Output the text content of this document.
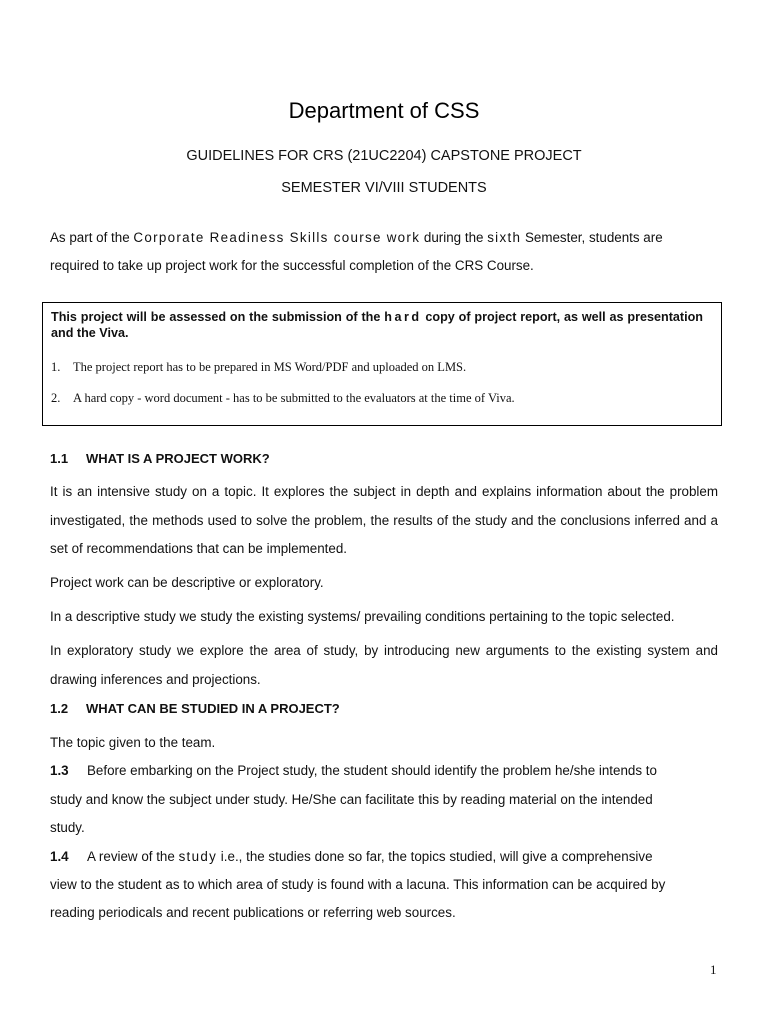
Department of CSS
GUIDELINES FOR CRS (21UC2204) CAPSTONE PROJECT
SEMESTER VI/VIII STUDENTS
As part of the Corporate Readiness Skills course work during the sixth Semester, students are
required to take up project work for the successful completion of the CRS Course.
This project will be assessed on the submission of the hard copy of project report, as well as presentation and the Viva.
1. The project report has to be prepared in MS Word/PDF and uploaded on LMS.
2. A hard copy - word document - has to be submitted to the evaluators at the time of Viva.
1.1 WHAT IS A PROJECT WORK?
It is an intensive study on a topic. It explores the subject in depth and explains information about the problem investigated, the methods used to solve the problem, the results of the study and the conclusions inferred and a set of recommendations that can be implemented.
Project work can be descriptive or exploratory.
In a descriptive study we study the existing systems/ prevailing conditions pertaining to the topic selected.
In exploratory study we explore the area of study, by introducing new arguments to the existing system and drawing inferences and projections.
1.2 WHAT CAN BE STUDIED IN A PROJECT?
The topic given to the team.
1.3 Before embarking on the Project study, the student should identify the problem he/she intends to
study and know the subject under study. He/She can facilitate this by reading material on the intended
study.
1.4 A review of the study i.e., the studies done so far, the topics studied, will give a comprehensive
view to the student as to which area of study is found with a lacuna. This information can be acquired by
reading periodicals and recent publications or referring web sources.
1
